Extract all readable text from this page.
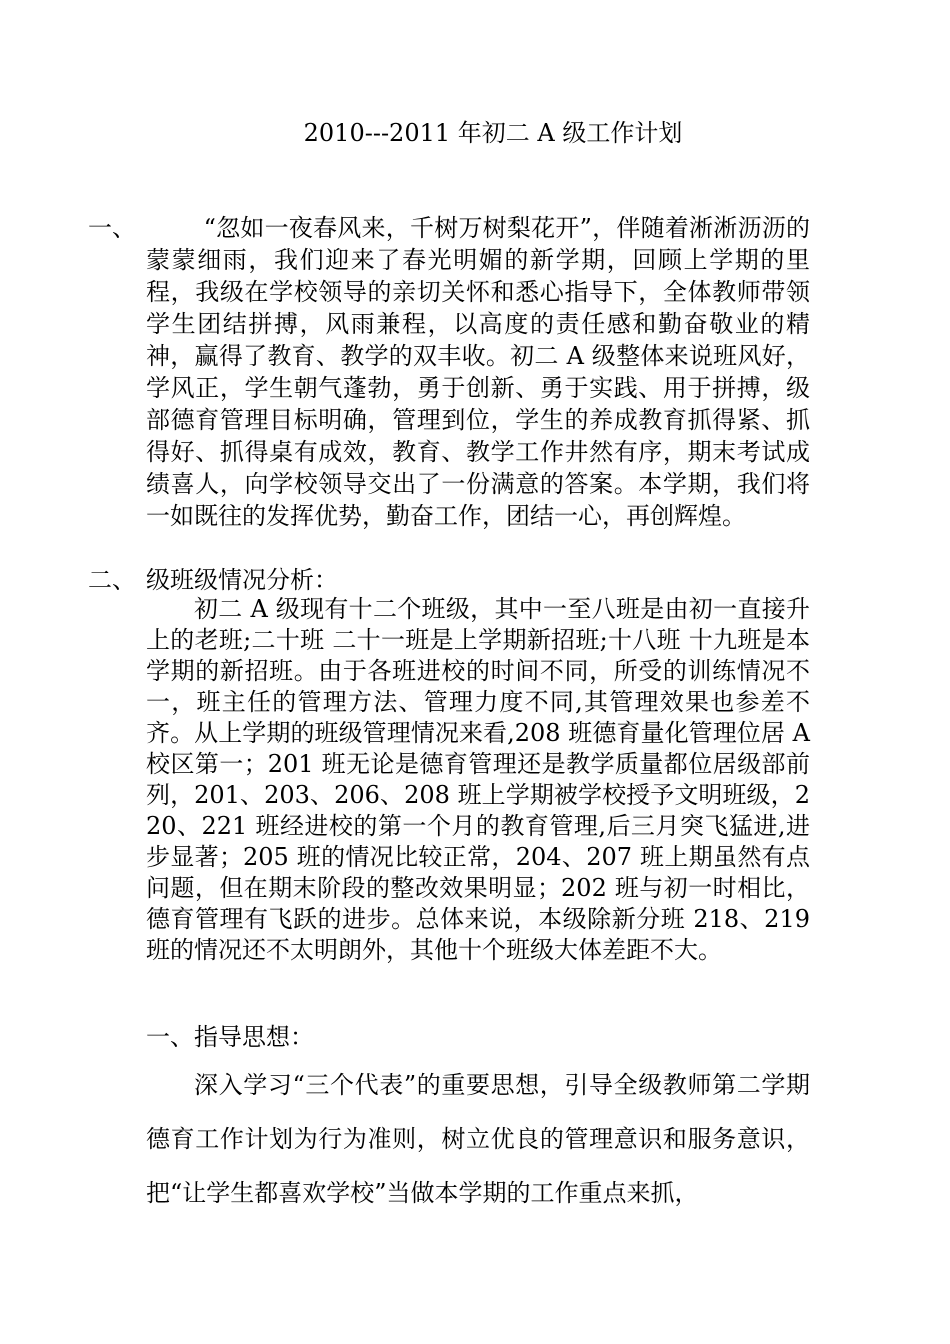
2010---2011 年初二 A 级工作计划
一、	“忽如一夜春风来，千树万树梨花开”，伴随着淅淅沥沥的蒙蒙细雨，我们迎来了春光明媚的新学期，回顾上学期的里程，我级在学校领导的亲切关怀和悉心指导下，全体教师带领学生团结拼搏，风雨兼程，以高度的责任感和勤奋敬业的精神，赢得了教育、教学的双丰收。初二 A 级整体来说班风好，学风正，学生朝气蓬勃，勇于创新、勇于实践、用于拼搏，级部德育管理目标明确，管理到位，学生的养成教育抓得紧、抓得好、抓得桌有成效，教育、教学工作井然有序，期末考试成绩喜人，向学校领导交出了一份满意的答案。本学期，我们将一如既往的发挥优势，勤奋工作，团结一心，再创辉煌。
二、 级班级情况分析：
初二 A 级现有十二个班级，其中一至八班是由初一直接升上的老班;二十班 二十一班是上学期新招班;十八班 十九班是本学期的新招班。由于各班进校的时间不同，所受的训练情况不一，班主任的管理方法、管理力度不同,其管理效果也参差不齐。从上学期的班级管理情况来看,208 班德育量化管理位居 A 校区第一；201 班无论是德育管理还是教学质量都位居级部前列，201、203、206、208 班上学期被学校授予文明班级，220、221 班经进校的第一个月的教育管理,后三月突飞猛进,进步显著；205 班的情况比较正常，204、207 班上期虽然有点问题，但在期末阶段的整改效果明显；202 班与初一时相比，德育管理有飞跃的进步。总体来说，本级除新分班 218、219 班的情况还不太明朗外，其他十个班级大体差距不大。
一、指导思想：
深入学习“三个代表”的重要思想，引导全级教师第二学期德育工作计划为行为准则，树立优良的管理意识和服务意识，把“让学生都喜欢学校”当做本学期的工作重点来抓，
